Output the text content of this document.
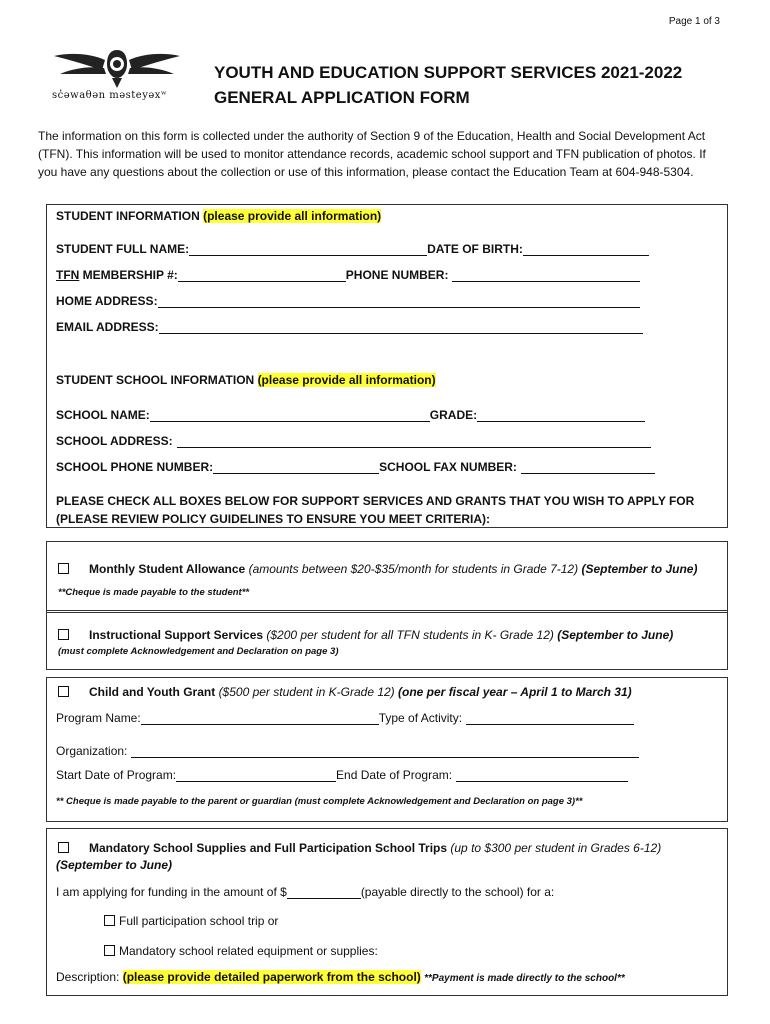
Page 1 of 3
sc̓əwaθən məsteyəxʷ
YOUTH AND EDUCATION SUPPORT SERVICES 2021-2022
GENERAL APPLICATION FORM
The information on this form is collected under the authority of Section 9 of the Education, Health and Social Development Act (TFN). This information will be used to monitor attendance records, academic school support and TFN publication of photos. If you have any questions about the collection or use of this information, please contact the Education Team at 604-948-5304.
STUDENT INFORMATION (please provide all information)
STUDENT FULL NAME:	DATE OF BIRTH:
TFN MEMBERSHIP #:	PHONE NUMBER:
HOME ADDRESS:
EMAIL ADDRESS:
STUDENT SCHOOL INFORMATION (please provide all information)
SCHOOL NAME:	GRADE:
SCHOOL ADDRESS:
SCHOOL PHONE NUMBER:	SCHOOL FAX NUMBER:
PLEASE CHECK ALL BOXES BELOW FOR SUPPORT SERVICES AND GRANTS THAT YOU WISH TO APPLY FOR
(PLEASE REVIEW POLICY GUIDELINES TO ENSURE YOU MEET CRITERIA):
Monthly Student Allowance (amounts between $20-$35/month for students in Grade 7-12) (September to June)
**Cheque is made payable to the student**
Instructional Support Services ($200 per student for all TFN students in K- Grade 12) (September to June)
(must complete Acknowledgement and Declaration on page 3)
Child and Youth Grant ($500 per student in K-Grade 12) (one per fiscal year – April 1 to March 31)
Program Name:	Type of Activity:
Organization:
Start Date of Program:	End Date of Program:
** Cheque is made payable to the parent or guardian (must complete Acknowledgement and Declaration on page 3)**
Mandatory School Supplies and Full Participation School Trips (up to $300 per student in Grades 6-12)
(September to June)
I am applying for funding in the amount of $	(payable directly to the school) for a:
Full participation school trip or
Mandatory school related equipment or supplies:
Description: (please provide detailed paperwork from the school) **Payment is made directly to the school**
